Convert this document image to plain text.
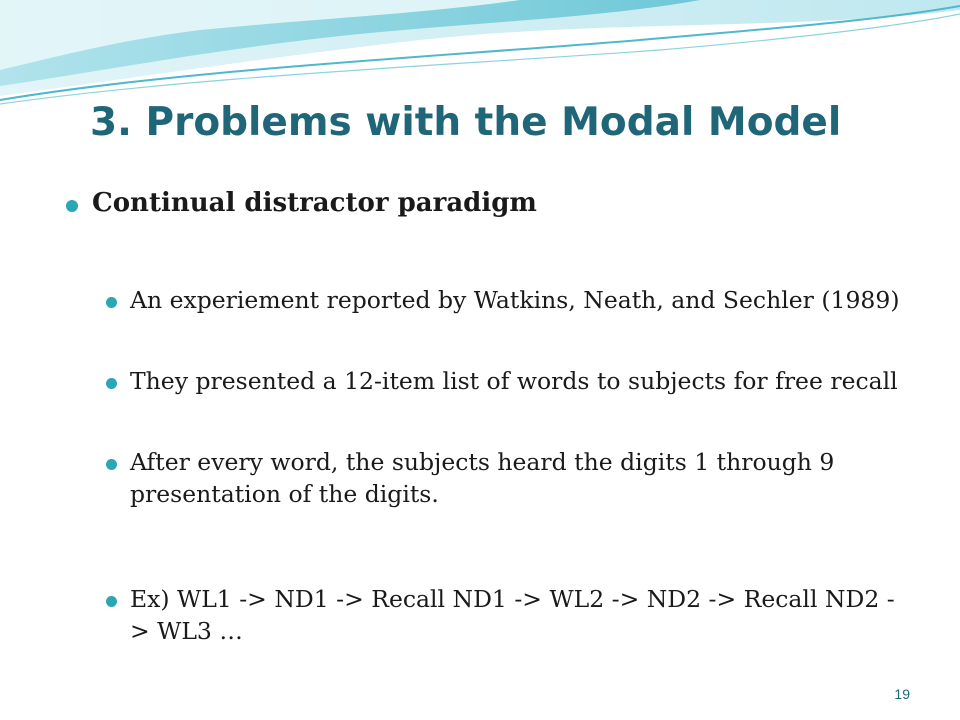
3. Problems with the Modal Model
Continual distractor paradigm
An experiement reported by Watkins, Neath, and Sechler (1989)
They presented a 12-item list of words to subjects for free recall
After every word, the subjects heard the digits 1 through 9 presentation of the digits.
Ex) WL1 -> ND1 -> Recall ND1 -> WL2 -> ND2 -> Recall ND2 -> WL3 …
19
